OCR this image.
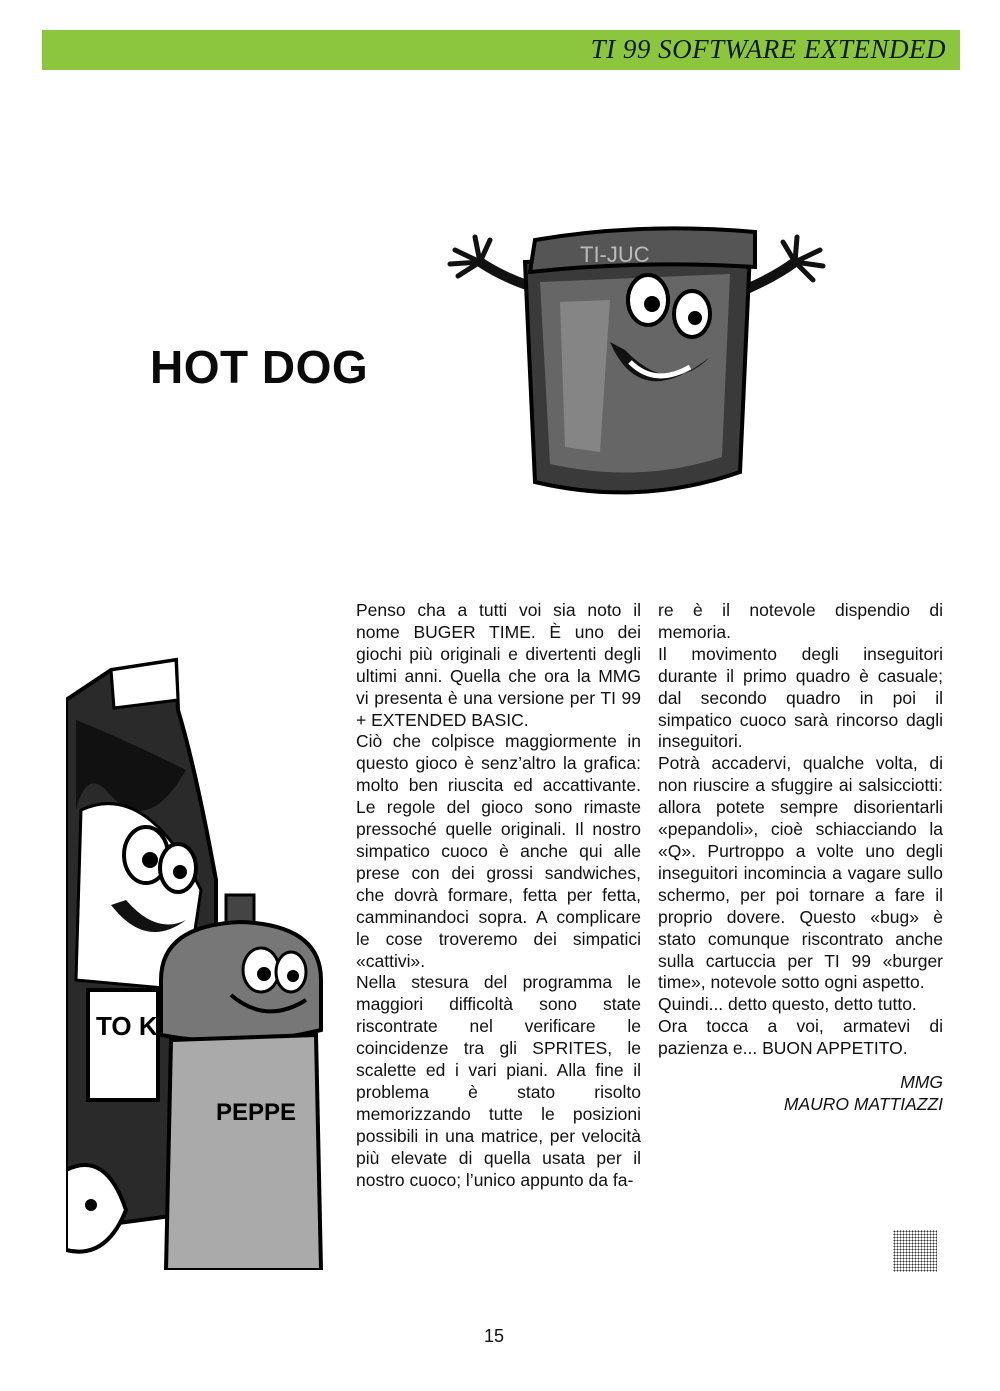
TI 99 SOFTWARE EXTENDED
HOT DOG
TI-JUC
TO K
PEPPE

Penso cha a tutti voi sia noto il nome BUGER TIME. È uno dei giochi più originali e divertenti degli ultimi anni. Quella che ora la MMG vi presenta è una versione per TI 99 + EXTENDED BASIC.

Ciò che colpisce maggiormente in questo gioco è senz’altro la grafica: molto ben riuscita ed accattivante. Le regole del gioco sono rimaste pressoché quelle originali. Il nostro simpatico cuoco è anche qui alle prese con dei grossi sandwiches, che dovrà formare, fetta per fetta, camminandoci sopra. A complicare le cose troveremo dei simpatici «cattivi».

Nella stesura del programma le maggiori difficoltà sono state riscontrate nel verificare le coincidenze tra gli SPRITES, le scalette ed i vari piani. Alla fine il problema è stato risolto memorizzando tutte le posizioni possibili in una matrice, per velocità più elevate di quella usata per il nostro cuoco; l’unico appunto da fa-

re è il notevole dispendio di memoria.

Il movimento degli inseguitori durante il primo quadro è casuale; dal secondo quadro in poi il simpatico cuoco sarà rincorso dagli inseguitori.

Potrà accadervi, qualche volta, di non riuscire a sfuggire ai salsicciotti: allora potete sempre disorientarli «pepandoli», cioè schiacciando la «Q». Purtroppo a volte uno degli inseguitori incomincia a vagare sullo schermo, per poi tornare a fare il proprio dovere. Questo «bug» è stato comunque riscontrato anche sulla cartuccia per TI 99 «burger time», notevole sotto ogni aspetto.

Quindi... detto questo, detto tutto.

Ora tocca a voi, armatevi di pazienza e... BUON APPETITO.

MMG

MAURO MATTIAZZI

15
